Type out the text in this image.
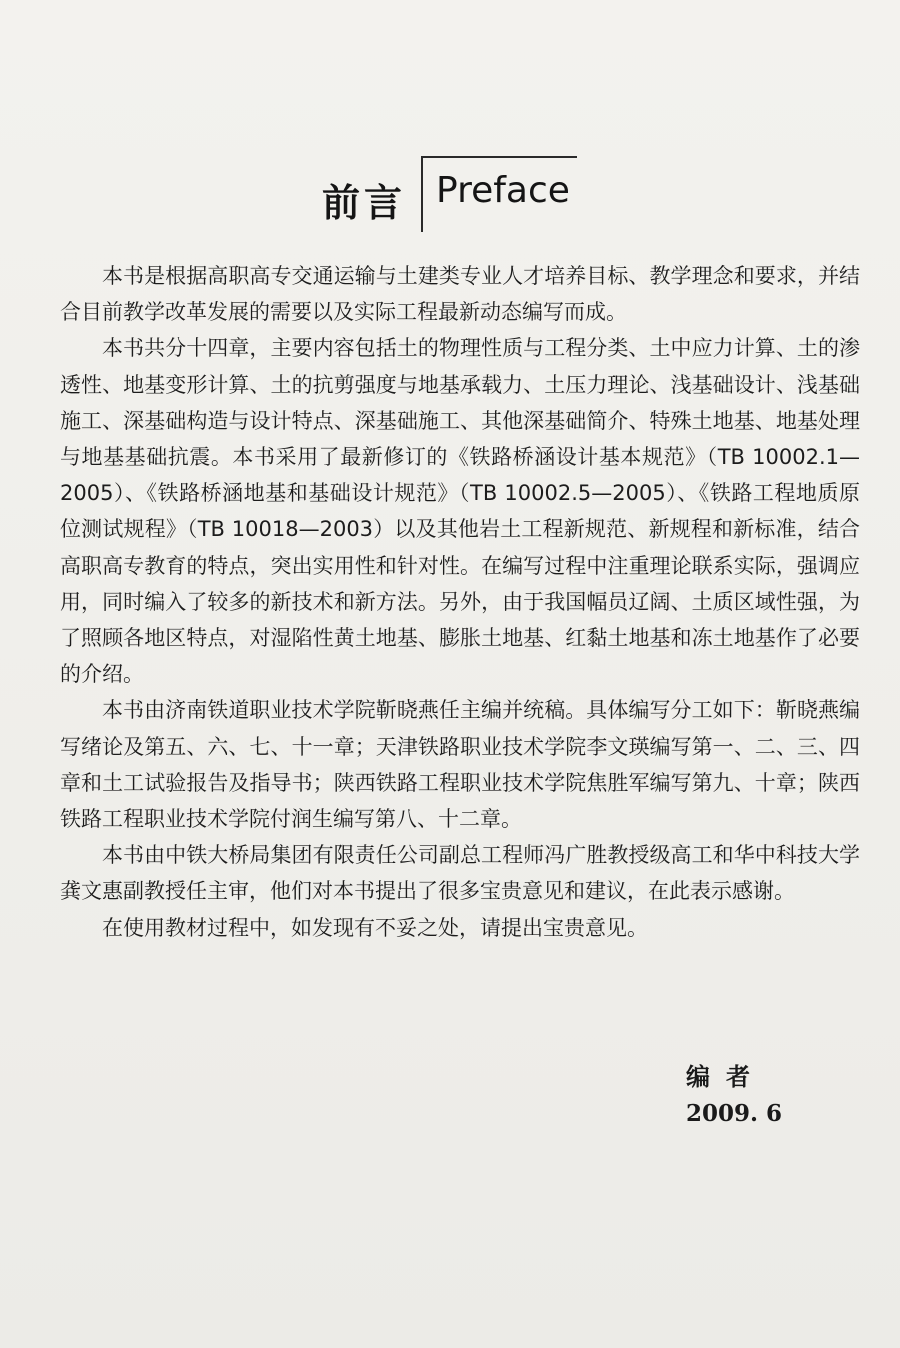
前言 Preface

本书是根据高职高专交通运输与土建类专业人才培养目标、教学理念和要求，并结合目前教学改革发展的需要以及实际工程最新动态编写而成。

本书共分十四章，主要内容包括土的物理性质与工程分类、土中应力计算、土的渗透性、地基变形计算、土的抗剪强度与地基承载力、土压力理论、浅基础设计、浅基础施工、深基础构造与设计特点、深基础施工、其他深基础简介、特殊土地基、地基处理与地基基础抗震。本书采用了最新修订的《铁路桥涵设计基本规范》（TB 10002.1—2005）、《铁路桥涵地基和基础设计规范》（TB 10002.5—2005）、《铁路工程地质原位测试规程》（TB 10018—2003）以及其他岩土工程新规范、新规程和新标准，结合高职高专教育的特点，突出实用性和针对性。在编写过程中注重理论联系实际，强调应用，同时编入了较多的新技术和新方法。另外，由于我国幅员辽阔、土质区域性强，为了照顾各地区特点，对湿陷性黄土地基、膨胀土地基、红黏土地基和冻土地基作了必要的介绍。

本书由济南铁道职业技术学院靳晓燕任主编并统稿。具体编写分工如下：靳晓燕编写绪论及第五、六、七、十一章；天津铁路职业技术学院李文瑛编写第一、二、三、四章和土工试验报告及指导书；陕西铁路工程职业技术学院焦胜军编写第九、十章；陕西铁路工程职业技术学院付润生编写第八、十二章。

本书由中铁大桥局集团有限责任公司副总工程师冯广胜教授级高工和华中科技大学龚文惠副教授任主审，他们对本书提出了很多宝贵意见和建议，在此表示感谢。

在使用教材过程中，如发现有不妥之处，请提出宝贵意见。

编者
2009. 6
